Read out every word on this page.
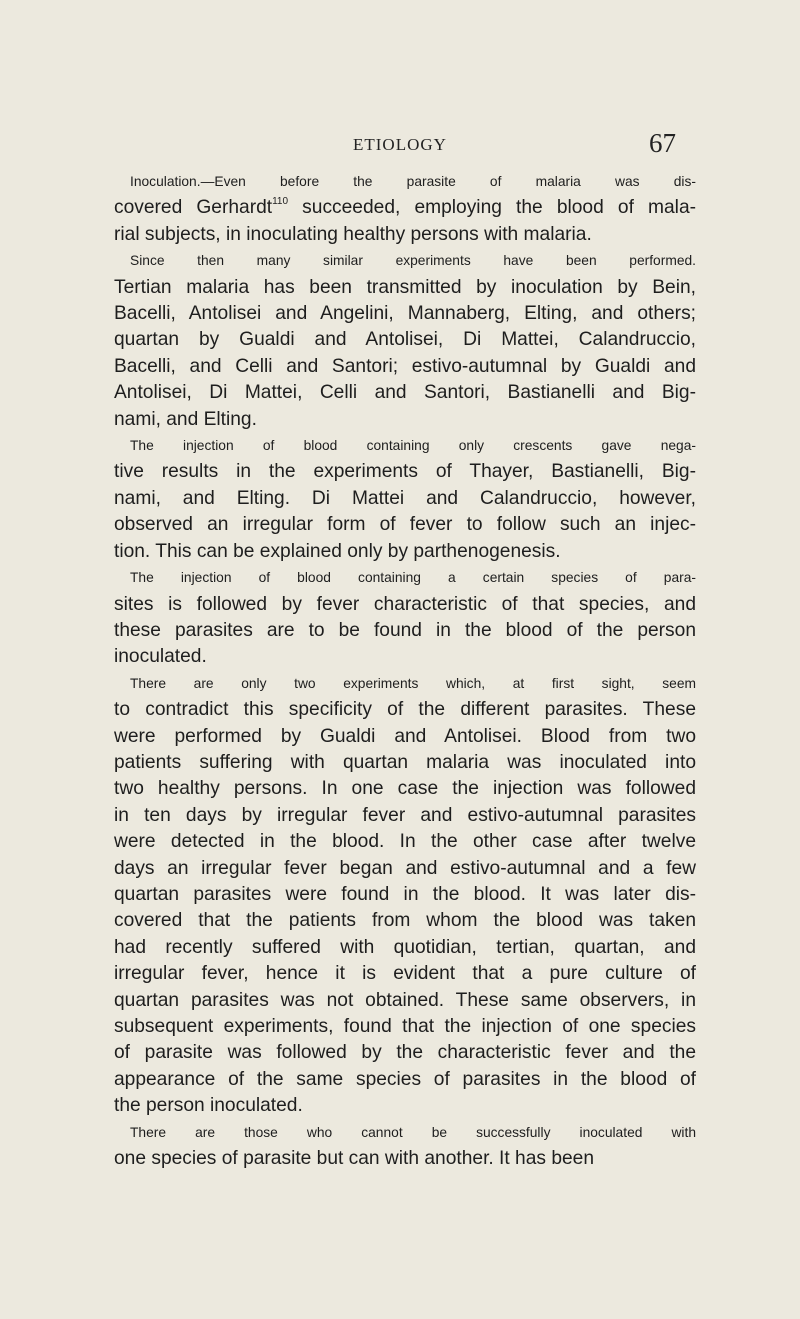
ETIOLOGY	67
Inoculation.—Even before the parasite of malaria was dis-
covered Gerhardt$^{110}$ succeeded, employing the blood of mala-
rial subjects, in inoculating healthy persons with malaria.
Since then many similar experiments have been performed.
Tertian malaria has been transmitted by inoculation by Bein,
Bacelli, Antolisei and Angelini, Mannaberg, Elting, and others;
quartan by Gualdi and Antolisei, Di Mattei, Calandruccio,
Bacelli, and Celli and Santori; estivo-autumnal by Gualdi and
Antolisei, Di Mattei, Celli and Santori, Bastianelli and Big-
nami, and Elting.
The injection of blood containing only crescents gave nega-
tive results in the experiments of Thayer, Bastianelli, Big-
nami, and Elting. Di Mattei and Calandruccio, however,
observed an irregular form of fever to follow such an injec-
tion. This can be explained only by parthenogenesis.
The injection of blood containing a certain species of para-
sites is followed by fever characteristic of that species, and
these parasites are to be found in the blood of the person
inoculated.
There are only two experiments which, at first sight, seem
to contradict this specificity of the different parasites. These
were performed by Gualdi and Antolisei. Blood from two
patients suffering with quartan malaria was inoculated into
two healthy persons. In one case the injection was followed
in ten days by irregular fever and estivo-autumnal parasites
were detected in the blood. In the other case after twelve
days an irregular fever began and estivo-autumnal and a few
quartan parasites were found in the blood. It was later dis-
covered that the patients from whom the blood was taken
had recently suffered with quotidian, tertian, quartan, and
irregular fever, hence it is evident that a pure culture of
quartan parasites was not obtained. These same observers, in
subsequent experiments, found that the injection of one species
of parasite was followed by the characteristic fever and the
appearance of the same species of parasites in the blood of
the person inoculated.
There are those who cannot be successfully inoculated with
one species of parasite but can with another. It has been
